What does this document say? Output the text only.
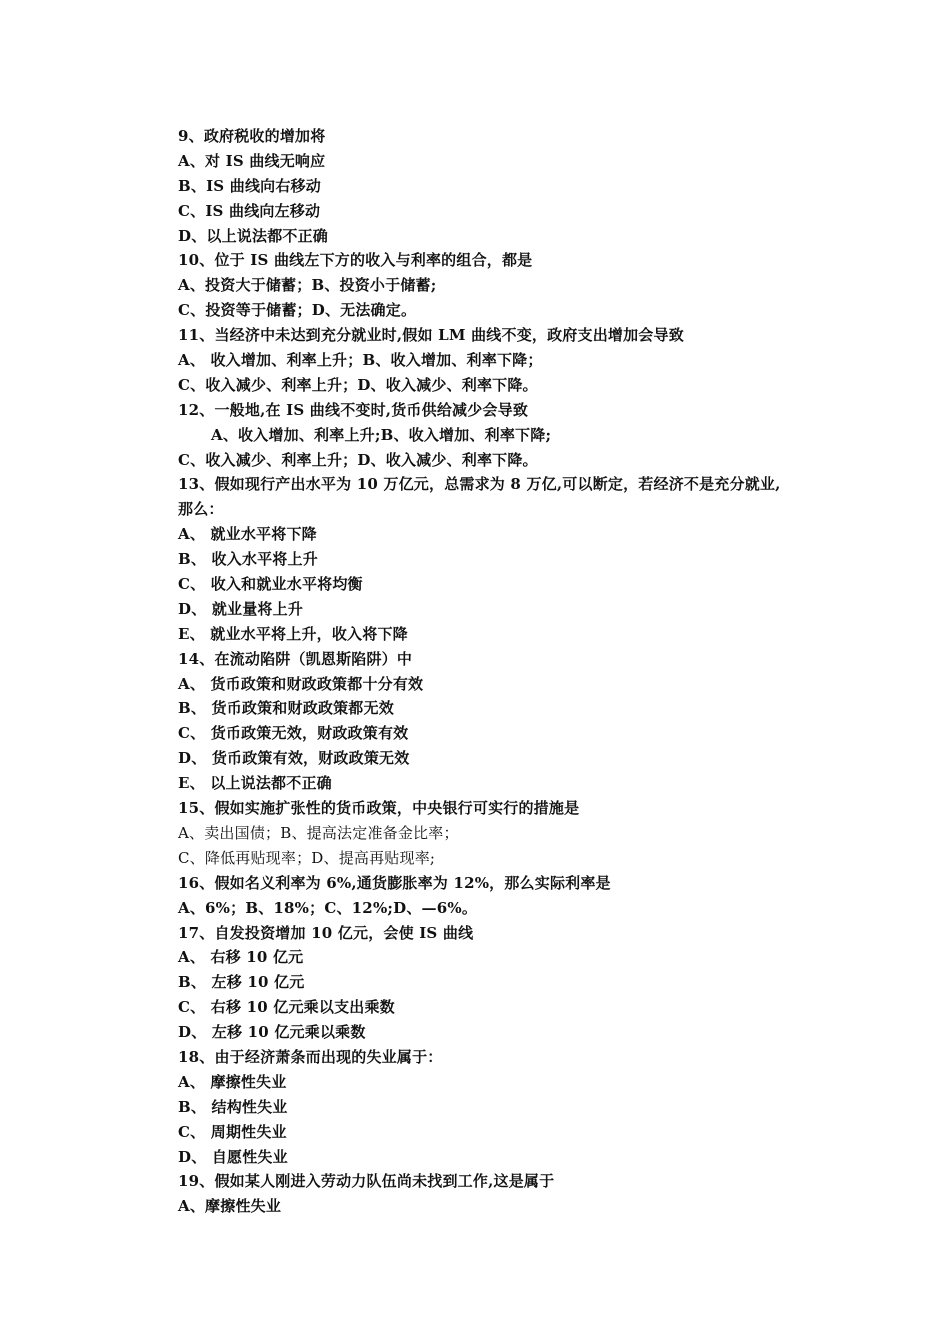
9、政府税收的增加将
A、对 IS 曲线无响应
B、IS 曲线向右移动
C、IS 曲线向左移动
D、以上说法都不正确
10、位于 IS 曲线左下方的收入与利率的组合，都是
A、投资大于储蓄；B、投资小于储蓄;
C、投资等于储蓄；D、无法确定。
11、当经济中未达到充分就业时,假如 LM 曲线不变，政府支出增加会导致
A、 收入增加、利率上升；B、收入增加、利率下降；
C、收入减少、利率上升；D、收入减少、利率下降。
12、一般地,在 IS 曲线不变时,货币供给减少会导致
A、收入增加、利率上升;B、收入增加、利率下降;
C、收入减少、利率上升；D、收入减少、利率下降。
13、假如现行产出水平为 10 万亿元，总需求为 8 万亿,可以断定，若经济不是充分就业,
那么：
A、 就业水平将下降
B、 收入水平将上升
C、 收入和就业水平将均衡
D、 就业量将上升
E、 就业水平将上升，收入将下降
14、在流动陷阱（凯恩斯陷阱）中
A、 货币政策和财政政策都十分有效
B、 货币政策和财政政策都无效
C、 货币政策无效，财政政策有效
D、 货币政策有效，财政政策无效
E、 以上说法都不正确
15、假如实施扩张性的货币政策，中央银行可实行的措施是
A、卖出国债；B、提高法定准备金比率；
C、降低再贴现率；D、提高再贴现率;
16、假如名义利率为 6%,通货膨胀率为 12%，那么实际利率是
A、6%；B、18%；C、12%;D、—6%。
17、自发投资增加 10 亿元，会使 IS 曲线
A、 右移 10 亿元
B、 左移 10 亿元
C、 右移 10 亿元乘以支出乘数
D、 左移 10 亿元乘以乘数
18、由于经济萧条而出现的失业属于：
A、 摩擦性失业
B、 结构性失业
C、 周期性失业
D、 自愿性失业
19、假如某人刚进入劳动力队伍尚未找到工作,这是属于
A、摩擦性失业
